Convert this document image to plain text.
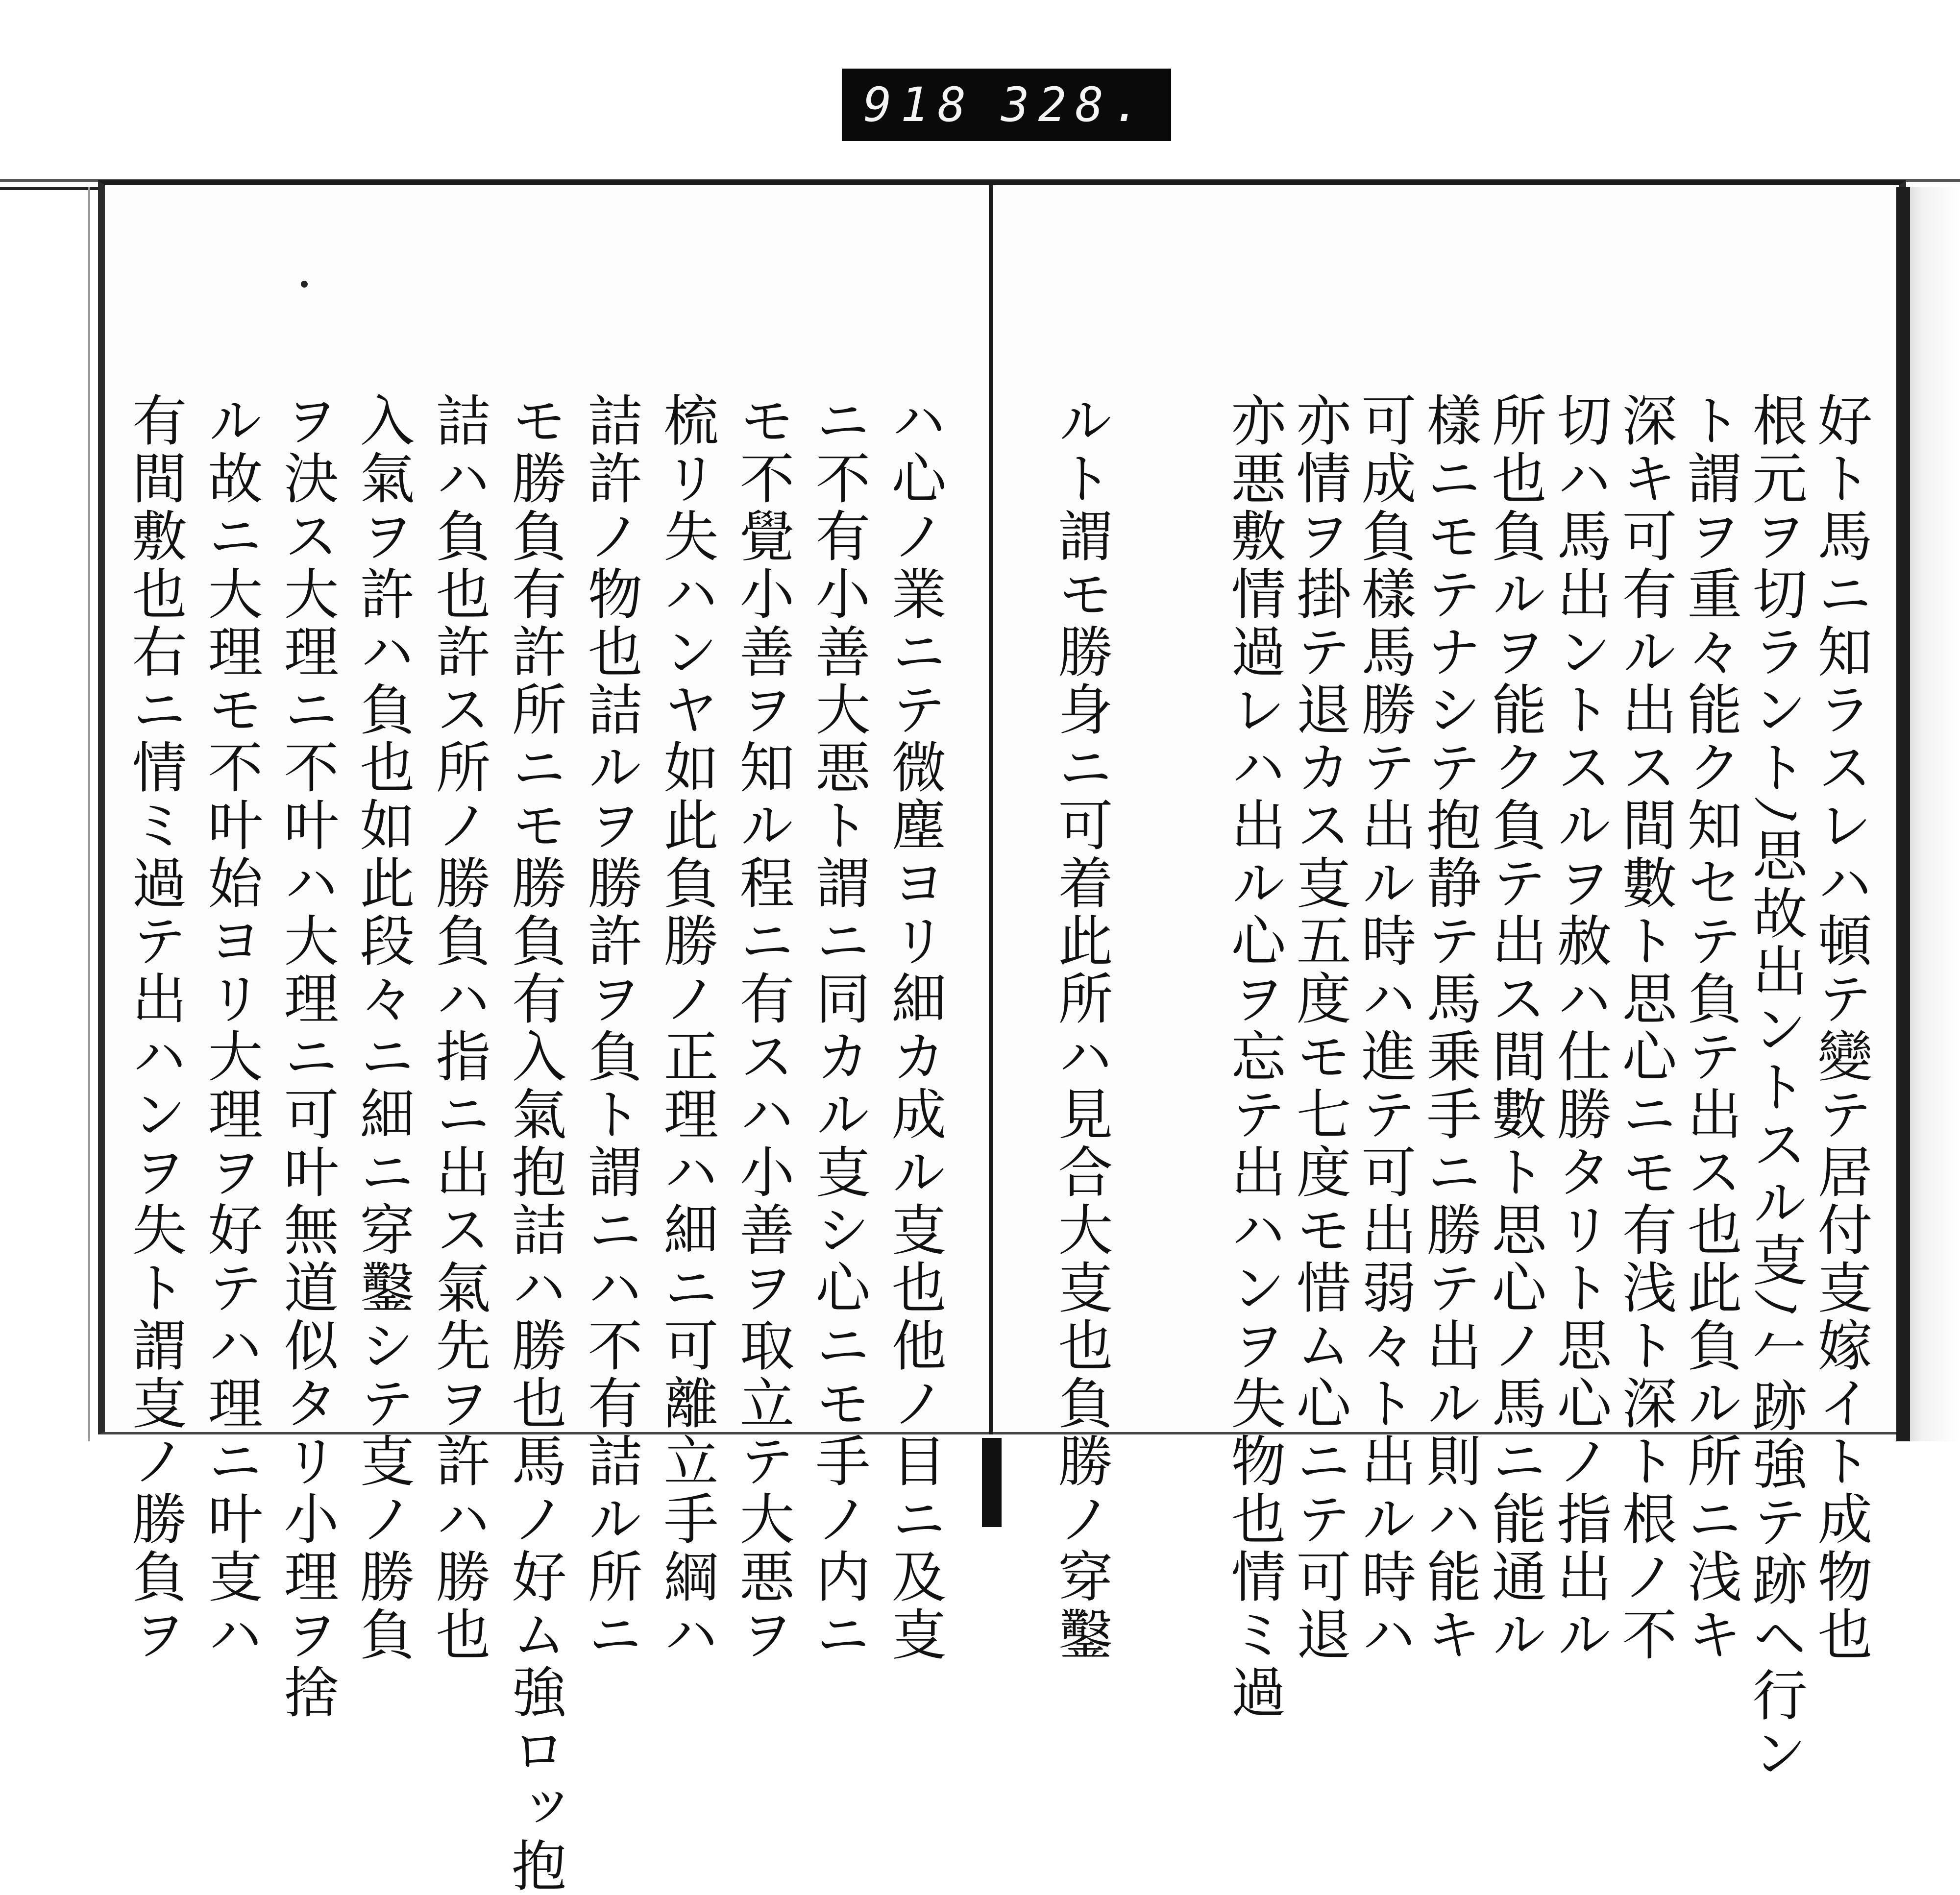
918 328.
好ト馬ニ知ラスレハ頓テ變テ居付㕝嫁イト成物也
根元ヲ切ラントﾉ思故出ントスル㕝ﾉ𠂉跡強テ跡ヘ行ン
ト謂ヲ重々能ク知セテ負テ出ス也此負ル所ニ浅キ
深キ可有ル出ス間數ト思心ニモ有浅ト深ト根ノ不
切ハ馬出ントスルヲ赦ハ仕勝タリト思心ノ指出ル
所也負ルヲ能ク負テ出ス間數ト思心ノ馬ニ能通ル
樣ニモテナシテ抱静テ馬乗手ニ勝テ出ル則ハ能キ
可成負樣馬勝テ出ル時ハ進テ可出弱々ト出ル時ハ
亦情ヲ掛テ退カス㕝五度モ七度モ惜ム心ニテ可退
亦悪敷情過レハ出ル心ヲ忘テ出ハンヲ失物也情ミ過
ルト謂モ勝身ニ可着此所ハ見合大㕝也負勝ノ穿鑿
ハ心ノ業ニテ微塵ヨリ細カ成ル㕝也他ノ目ニ及㕝
ニ不有小善大悪ト謂ニ同カル㕝シ心ニモ手ノ内ニ
モ不覺小善ヲ知ル程ニ有スハ小善ヲ取立テ大悪ヲ
梳リ失ハンヤ如此負勝ノ正理ハ細ニ可離立手綱ハ
詰許ノ物也詰ルヲ勝許ヲ負ト謂ニハ不有詰ル所ニ
モ勝負有許所ニモ勝負有入氣抱詰ハ勝也馬ノ好ム強ロッ抱
詰ハ負也許ス所ノ勝負ハ指ニ出ス氣先ヲ許ハ勝也
入氣ヲ許ハ負也如此段々ニ細ニ穿鑿シテ㕝ノ勝負
ヲ決ス大理ニ不叶ハ大理ニ可叶無道似タリ小理ヲ捨
ル故ニ大理モ不叶始ヨリ大理ヲ好テハ理ニ叶㕝ハ
有間敷也右ニ情ミ過テ出ハンヲ失ト謂㕝ノ勝負ヲ
